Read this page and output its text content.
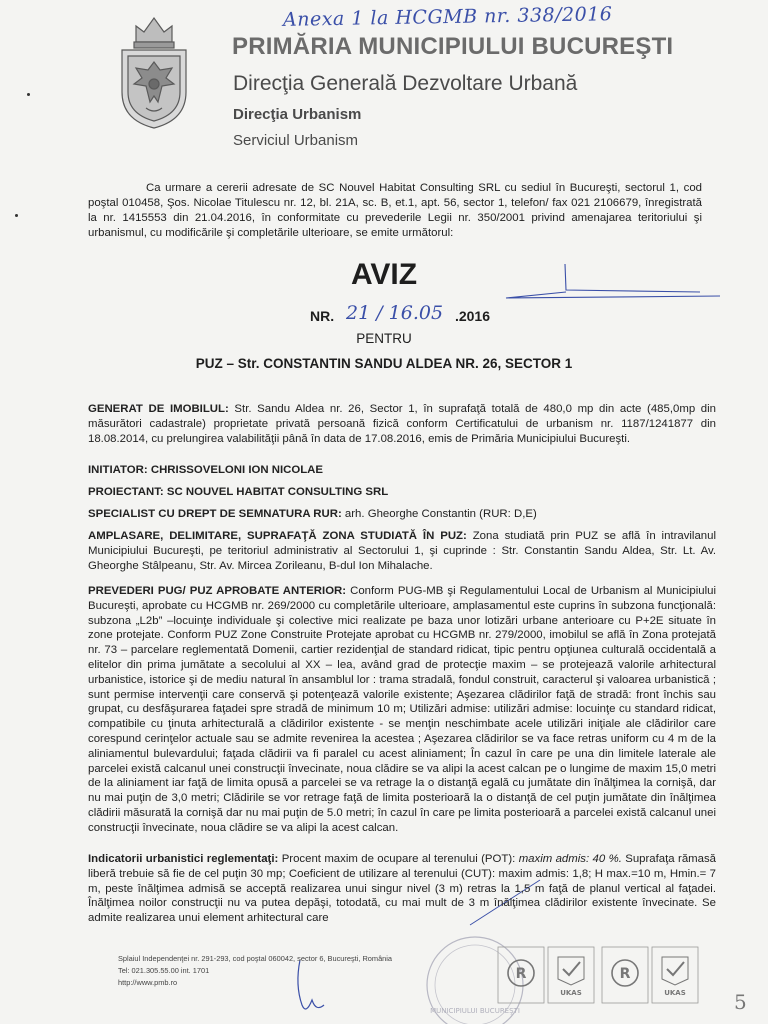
Anexa 1 la HCGMB nr. 338/2016
PRIMĂRIA MUNICIPIULUI BUCUREŞTI
Direcţia Generală Dezvoltare Urbană
Direcţia Urbanism
Serviciul Urbanism
Ca urmare a cererii adresate de SC Nouvel Habitat Consulting SRL cu sediul în Bucureşti, sectorul 1, cod poştal 010458, Şos. Nicolae Titulescu nr. 12, bl. 21A, sc. B, et.1, apt. 56, sector 1, telefon/ fax 021 2106679, înregistrată la nr. 1415553 din 21.04.2016, în conformitate cu prevederile Legii nr. 350/2001 privind amenajarea teritoriului şi urbanismul, cu modificările şi completările ulterioare, se emite următorul:
AVIZ
NR. 21 / 16.05 .2016
PENTRU
PUZ – Str. CONSTANTIN SANDU ALDEA NR. 26, SECTOR 1
GENERAT DE IMOBILUL: Str. Sandu Aldea nr. 26, Sector 1, în suprafaţă totală de 480,0 mp din acte (485,0mp din măsurători cadastrale) proprietate privată persoană fizică conform Certificatului de urbanism nr. 1187/1241877 din 18.08.2014, cu prelungirea valabilităţii până în data de 17.08.2016, emis de Primăria Municipiului Bucureşti.
INITIATOR: CHRISSOVELONI ION NICOLAE
PROIECTANT: SC NOUVEL HABITAT CONSULTING SRL
SPECIALIST CU DREPT DE SEMNATURA RUR: arh. Gheorghe Constantin (RUR: D,E)
AMPLASARE, DELIMITARE, SUPRAFAŢĂ ZONA STUDIATĂ ÎN PUZ: Zona studiată prin PUZ se află în intravilanul Municipiului Bucureşti, pe teritoriul administrativ al Sectorului 1, şi cuprinde : Str. Constantin Sandu Aldea, Str. Lt. Av. Gheorghe Stâlpeanu, Str. Av. Mircea Zorileanu, B-dul Ion Mihalache.
PREVEDERI PUG/ PUZ APROBATE ANTERIOR: Conform PUG-MB şi Regulamentului Local de Urbanism al Municipiului Bucureşti, aprobate cu HCGMB nr. 269/2000 cu completările ulterioare, amplasamentul este cuprins în subzona funcţională: subzona „L2b” –locuinţe individuale şi colective mici realizate pe baza unor lotizări urbane anterioare cu P+2E situate în zone protejate. Conform PUZ Zone Construite Protejate aprobat cu HCGMB nr. 279/2000, imobilul se află în Zona protejată nr. 73 – parcelare reglementată Domenii, cartier rezidenţial de standard ridicat, tipic pentru opţiunea culturală occidentală a elitelor din prima jumătate a secolului al XX – lea, având grad de protecţie maxim – se protejează valorile arhitectural urbanistice, istorice şi de mediu natural în ansamblul lor : trama stradală, fondul construit, caracterul şi valoarea urbanistică ; sunt permise intervenţii care conservă şi potenţează valorile existente; Aşezarea clădirilor faţă de stradă: front închis sau grupat, cu desfăşurarea faţadei spre stradă de minimum 10 m; Utilizări admise: utilizări admise: locuinţe cu standard ridicat, compatibile cu ţinuta arhitecturală a clădirilor existente - se menţin neschimbate acele utilizări iniţiale ale clădirilor care corespund cerinţelor actuale sau se admite revenirea la acestea ; Aşezarea clădirilor se va face retras uniform cu 4 m de la aliniamentul bulevardului; faţada clădirii va fi paralel cu acest aliniament; În cazul în care pe una din limitele laterale ale parcelei există calcanul unei construcţii învecinate, noua clădire se va alipi la acest calcan pe o lungime de maxim 15,0 metri de la aliniament iar faţă de limita opusă a parcelei se va retrage la o distanţă egală cu jumătate din înălţimea la cornişă, dar nu mai puţin de 3,0 metri; Clădirile se vor retrage faţă de limita posterioară la o distanţă de cel puţin jumătate din înălţimea clădirii măsurată la cornişă dar nu mai puţin de 5.0 metri; în cazul în care pe limita posterioară a parcelei există calcanul unei construcţii învecinate, noua clădire se va alipi la acest calcan.
Indicatorii urbanistici reglementaţi: Procent maxim de ocupare al terenului (POT): maxim admis: 40 %. Suprafaţa rămasă liberă trebuie să fie de cel puţin 30 mp; Coeficient de utilizare al terenului (CUT): maxim admis: 1,8; H max.=10 m, Hmin.= 7 m, peste înălţimea admisă se acceptă realizarea unui singur nivel (3 m) retras la 1,5 m faţă de planul vertical al faţadei. Înălţimea noilor construcţii nu va putea depăşi, totodată, cu mai mult de 3 m înălţimea clădirilor existente învecinate. Se admite realizarea unui element arhitectural care
Splaiul Independenţei nr. 291-293, cod poştal 060042, sector 6, Bucureşti, România
Tel: 021.305.55.00 int. 1701
http://www.pmb.ro
MUNICIPIULUI BUCUREŞTI
R
UKAS
R
UKAS 5
